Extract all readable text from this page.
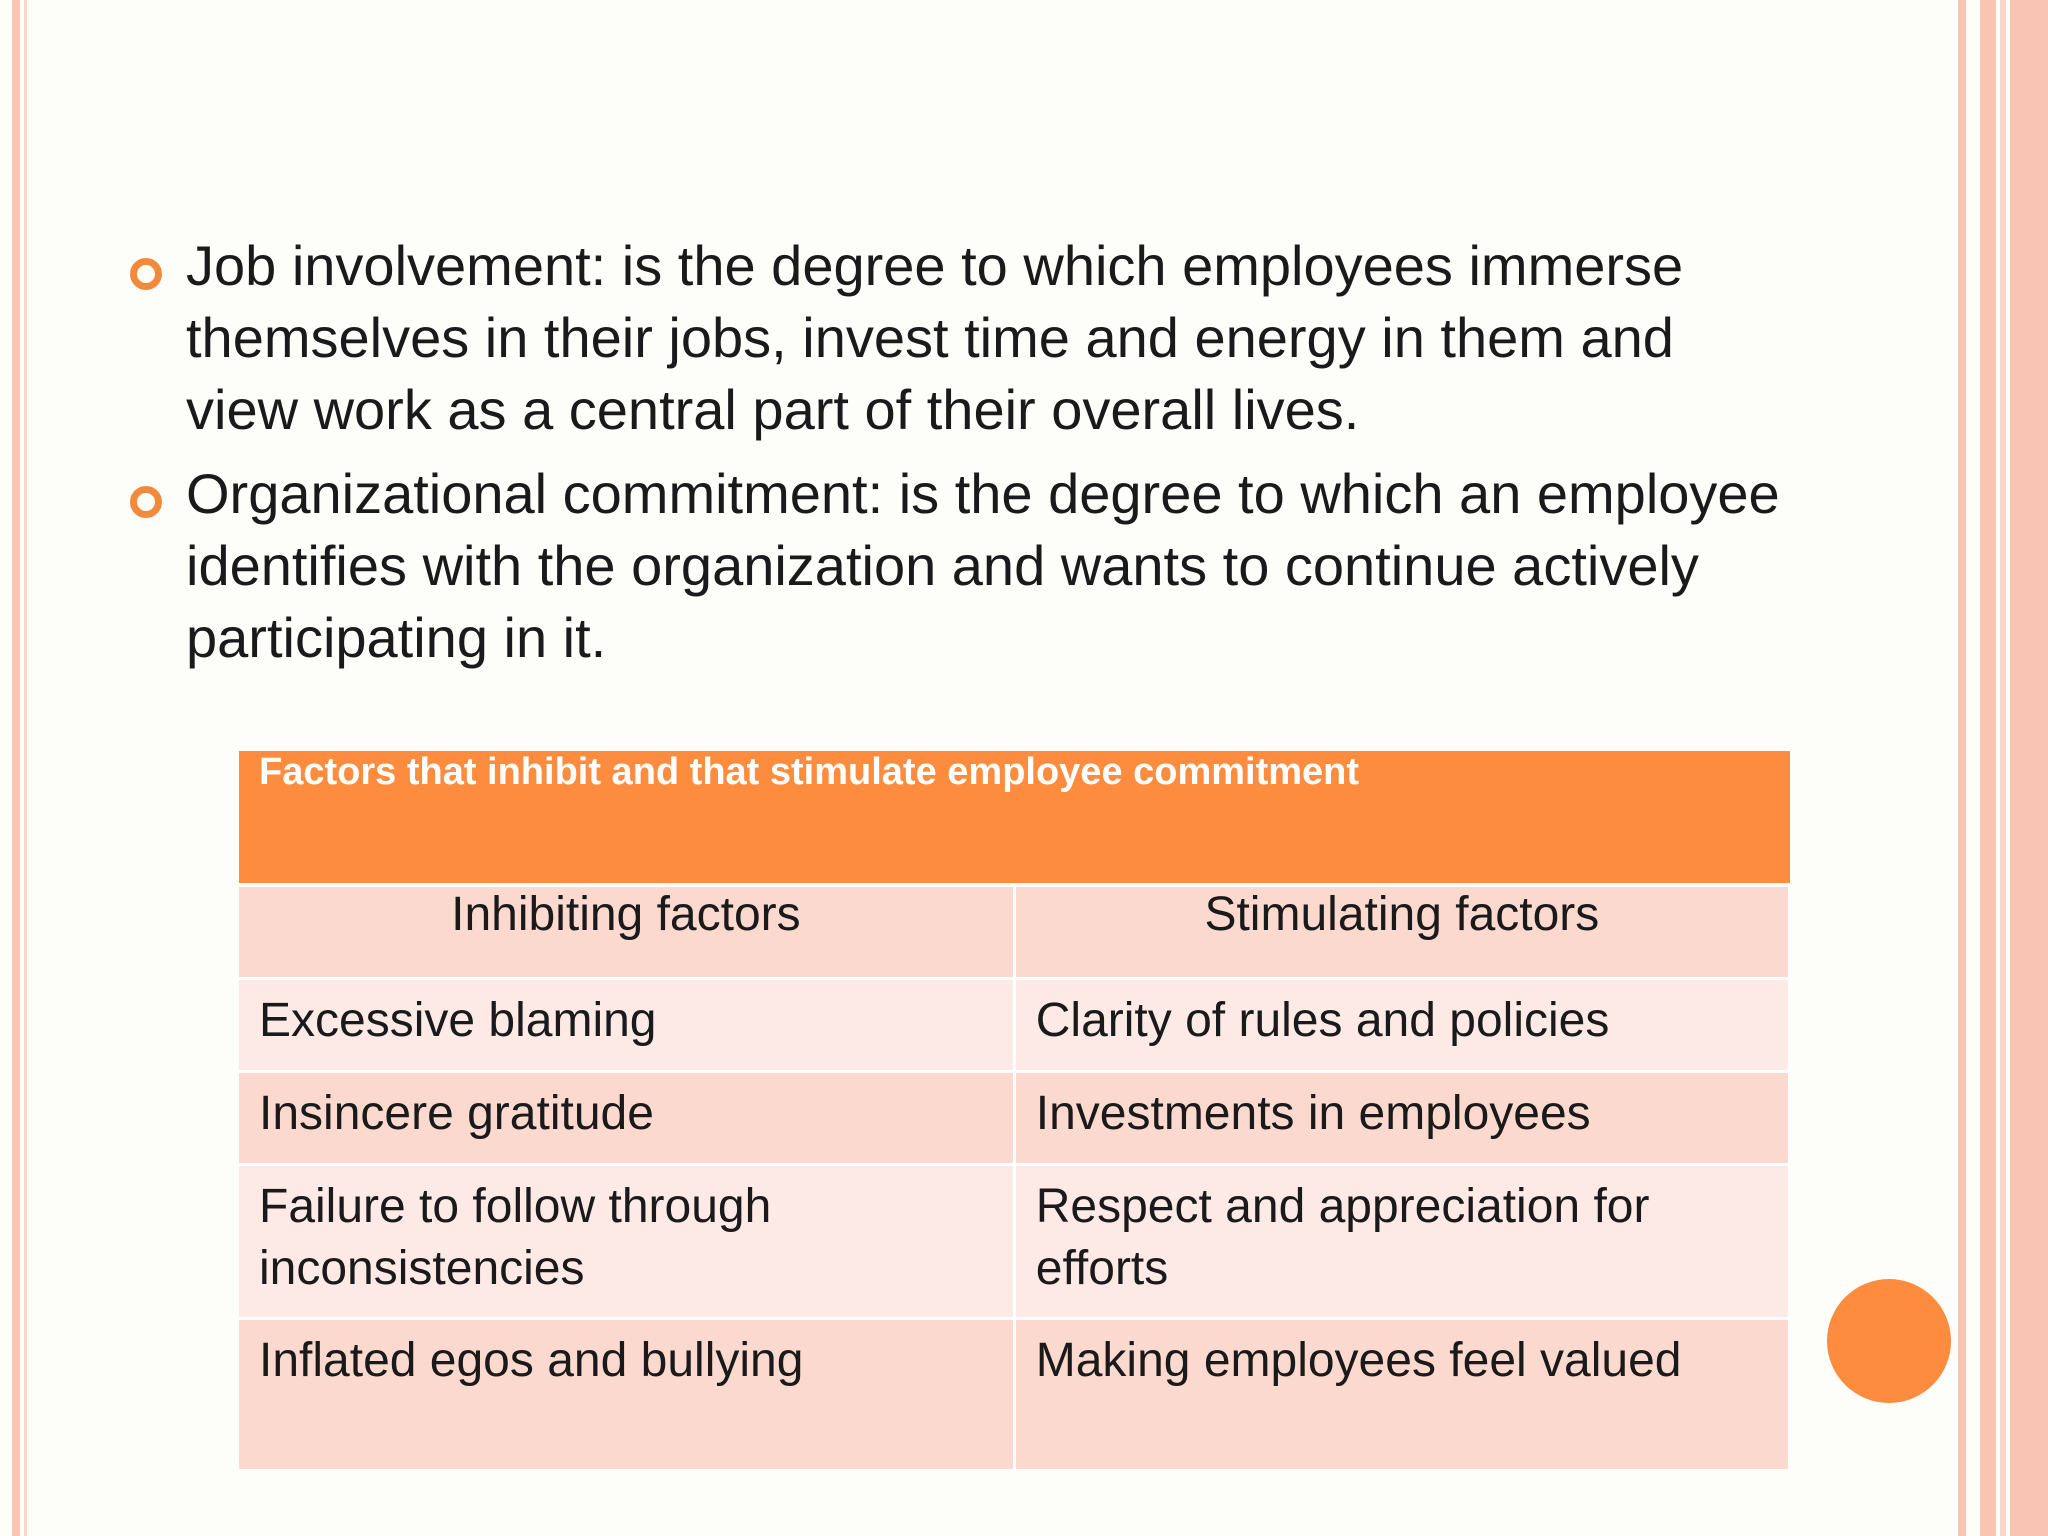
Job involvement: is the degree to which employees immerse themselves in their jobs, invest time and energy in them and view work as a central part of their overall lives.
Organizational commitment: is the degree to which an employee identifies with the organization and wants to continue actively participating in it.
Factors that inhibit and that stimulate employee commitment	
Inhibiting factors	Stimulating factors
Excessive blaming	Clarity of rules and policies
Insincere gratitude	Investments in employees
Failure to follow through inconsistencies	Respect and appreciation for efforts
Inflated egos and bullying	Making employees feel valued
